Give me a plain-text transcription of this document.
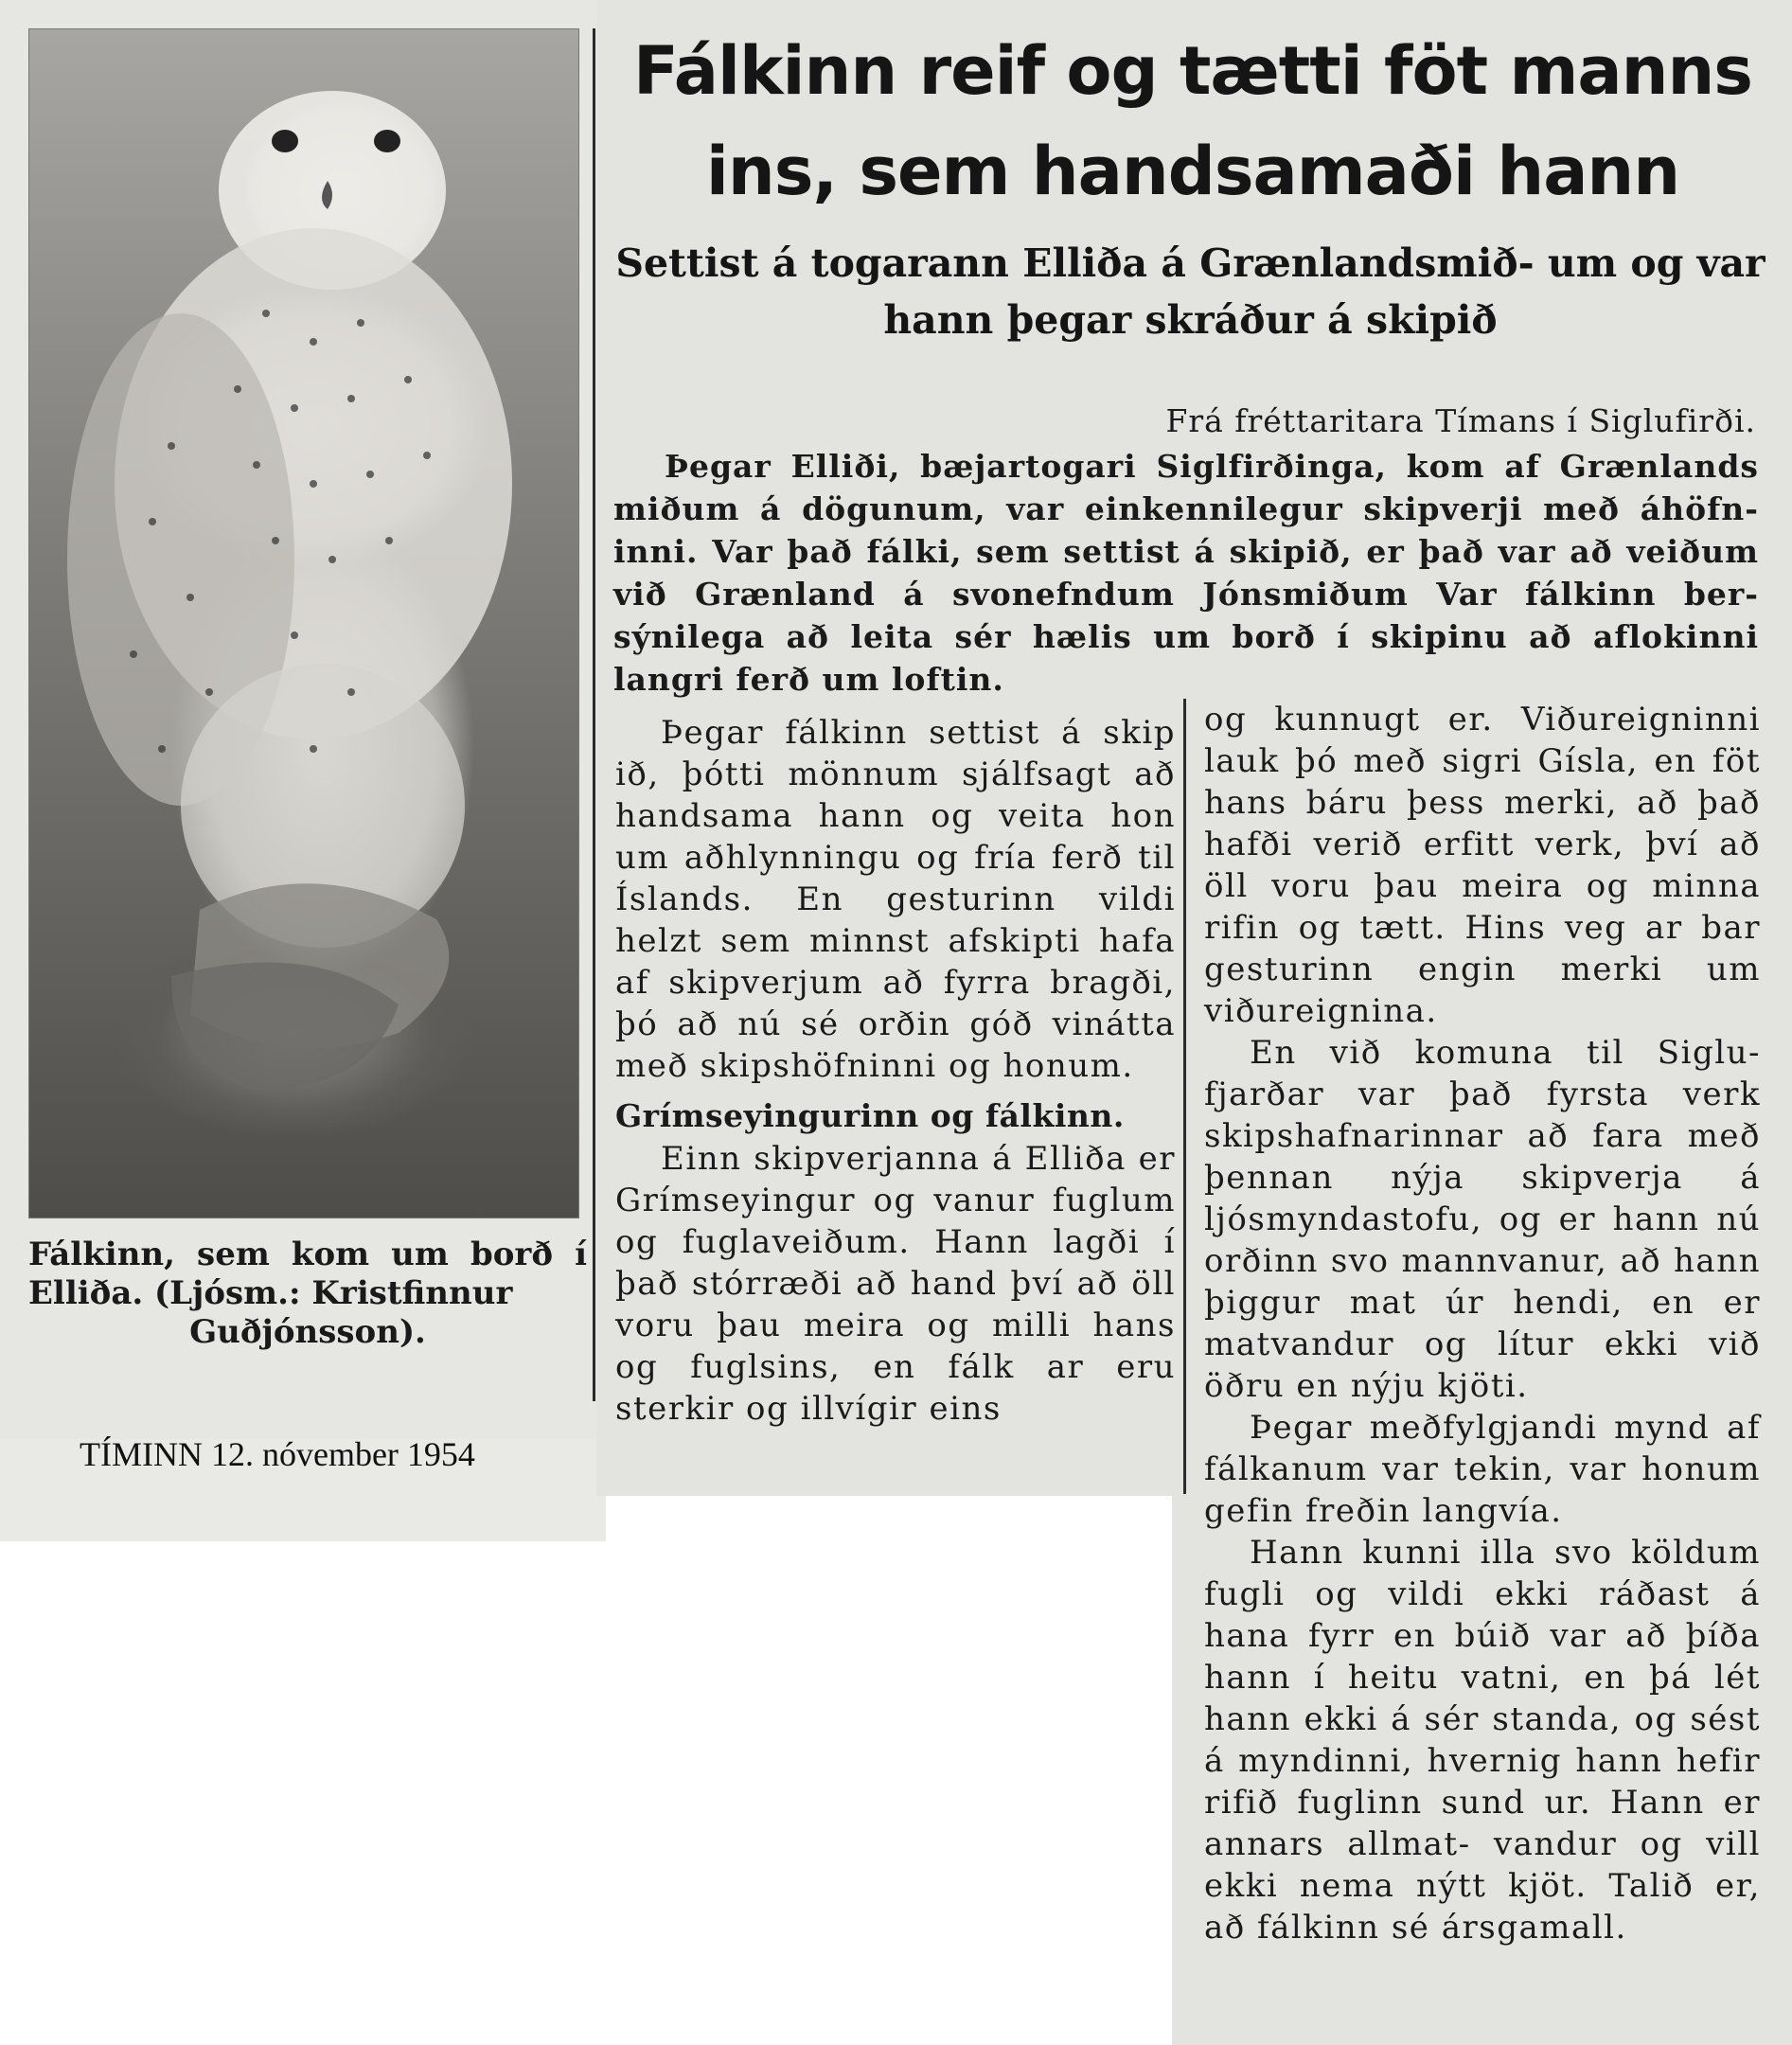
Fálkinn, sem kom um borð í Elliða. (Ljósm.: Kristfinnur
Guðjónsson).
TÍMINN 12. nóvember 1954
Fálkinn reif og tætti föt manns
ins, sem handsamaði hann
Settist á togarann Elliða á Grænlandsmið- um og var hann þegar skráður á skipið
Frá fréttaritara Tímans í Siglufirði.
Þegar Elliði, bæjartogari Siglfirðinga, kom af Grænlands miðum á dögunum, var einkennilegur skipverji með áhöfn- inni. Var það fálki, sem settist á skipið, er það var að veiðum við Grænland á svonefndum Jónsmiðum Var fálkinn ber- sýnilega að leita sér hælis um borð í skipinu að aflokinni langri ferð um loftin.

Þegar fálkinn settist á skip ið, þótti mönnum sjálfsagt að handsama hann og veita hon um aðhlynningu og fría ferð til Íslands. En gesturinn vildi helzt sem minnst afskipti hafa af skipverjum að fyrra bragði, þó að nú sé orðin góð vinátta með skipshöfninni og honum.

Grímseyingurinn og fálkinn.

Einn skipverjanna á Elliða er Grímseyingur og vanur fuglum og fuglaveiðum. Hann lagði í það stórræði að hand því að öll voru þau meira og milli hans og fuglsins, en fálk ar eru sterkir og illvígir eins

og kunnugt er. Viðureigninni lauk þó með sigri Gísla, en föt hans báru þess merki, að það hafði verið erfitt verk, því að öll voru þau meira og minna rifin og tætt. Hins veg ar bar gesturinn engin merki um viðureignina.

En við komuna til Siglu- fjarðar var það fyrsta verk skipshafnarinnar að fara með þennan nýja skipverja á ljósmyndastofu, og er hann nú orðinn svo mannvanur, að hann þiggur mat úr hendi, en er matvandur og lítur ekki við öðru en nýju kjöti.

Þegar meðfylgjandi mynd af fálkanum var tekin, var honum gefin freðin langvía.

Hann kunni illa svo köldum fugli og vildi ekki ráðast á hana fyrr en búið var að þíða hann í heitu vatni, en þá lét hann ekki á sér standa, og sést á myndinni, hvernig hann hefir rifið fuglinn sund ur. Hann er annars allmat- vandur og vill ekki nema nýtt kjöt. Talið er, að fálkinn sé ársgamall.
